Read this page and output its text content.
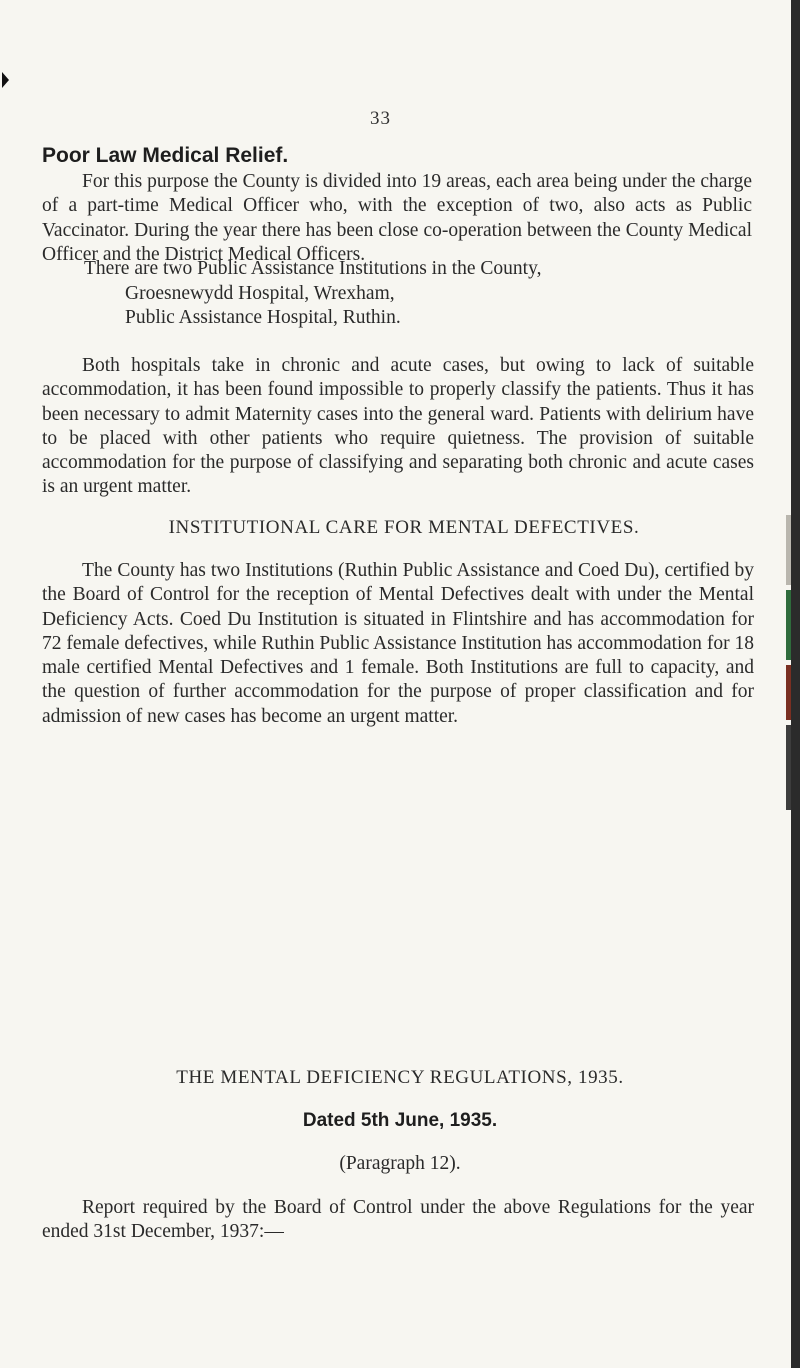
33
Poor Law Medical Relief.

For this purpose the County is divided into 19 areas, each area being under the charge of a part-time Medical Officer who, with the exception of two, also acts as Public Vaccinator. During the year there has been close co-operation between the County Medical Officer and the District Medical Officers.

There are two Public Assistance Institutions in the County,

Groesnewydd Hospital, Wrexham,

Public Assistance Hospital, Ruthin.

Both hospitals take in chronic and acute cases, but owing to lack of suitable accommodation, it has been found impossible to properly classify the patients. Thus it has been necessary to admit Maternity cases into the general ward. Patients with delirium have to be placed with other patients who require quietness. The provision of suitable accommodation for the purpose of classifying and separating both chronic and acute cases is an urgent matter.

INSTITUTIONAL CARE FOR MENTAL DEFECTIVES.

The County has two Institutions (Ruthin Public Assistance and Coed Du), certified by the Board of Control for the reception of Mental Defectives dealt with under the Mental Deficiency Acts. Coed Du Institution is situated in Flintshire and has accommodation for 72 female defectives, while Ruthin Public Assistance Institution has accommodation for 18 male certified Mental Defectives and 1 female. Both Institutions are full to capacity, and the question of further accommodation for the purpose of proper classification and for admission of new cases has become an urgent matter.

THE MENTAL DEFICIENCY REGULATIONS, 1935.
Dated 5th June, 1935.
(Paragraph 12).

Report required by the Board of Control under the above Regulations for the year ended 31st December, 1937:—
